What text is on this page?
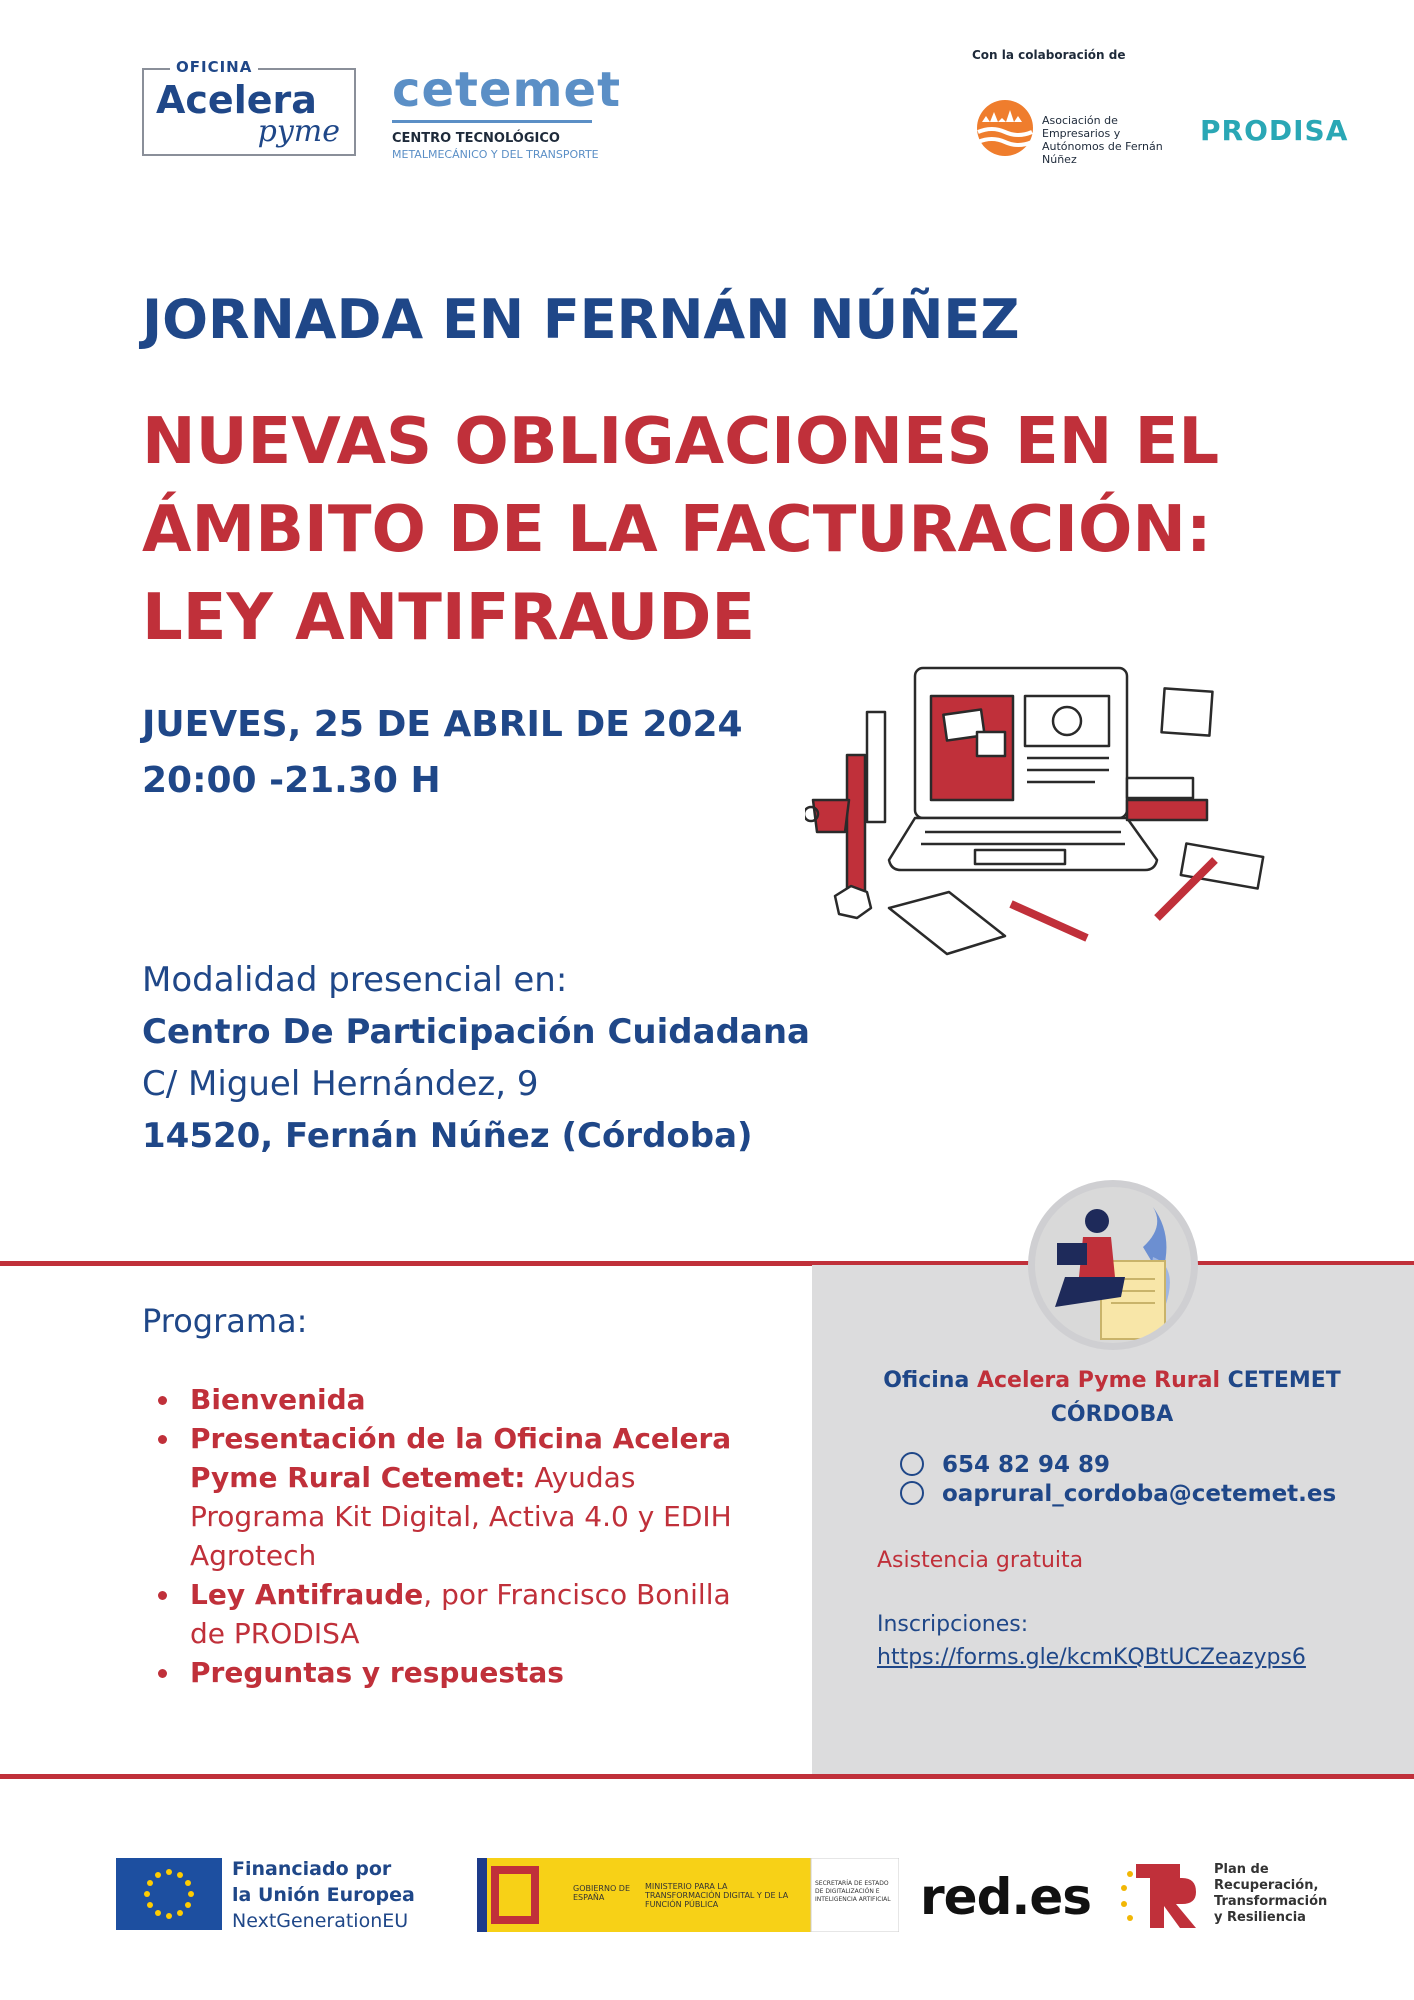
OFICINA
Acelera
pyme
cetemet
CENTRO TECNOLÓGICO
METALMECÁNICO Y DEL TRANSPORTE
Con la colaboración de
Asociación de Empresarios y Autónomos de Fernán Núñez
PRODISA
JORNADA EN FERNÁN NÚÑEZ
NUEVAS OBLIGACIONES EN EL
ÁMBITO DE LA FACTURACIÓN:
LEY ANTIFRAUDE
JUEVES, 25 DE ABRIL DE 2024
20:00 -21.30 H
Modalidad presencial en:
Centro De Participación Cuidadana
C/ Miguel Hernández, 9
14520, Fernán Núñez (Córdoba)
Programa:
Bienvenida
Presentación de la Oficina Acelera Pyme Rural Cetemet: Ayudas Programa Kit Digital, Activa 4.0 y EDIH Agrotech
Ley Antifraude, por Francisco Bonilla de PRODISA
Preguntas y respuestas
Oficina Acelera Pyme Rural CETEMET
CÓRDOBA
654 82 94 89
oaprural_cordoba@cetemet.es
Asistencia gratuita
Inscripciones:
https://forms.gle/kcmKQBtUCZeazyps6
Financiado por
la Unión Europea
NextGenerationEU
GOBIERNO DE ESPAÑA
MINISTERIO PARA LA TRANSFORMACIÓN DIGITAL Y DE LA FUNCIÓN PÚBLICA
SECRETARÍA DE ESTADO DE DIGITALIZACIÓN E INTELIGENCIA ARTIFICIAL red.es	Plan de
Recuperación,
Transformación
y Resiliencia
